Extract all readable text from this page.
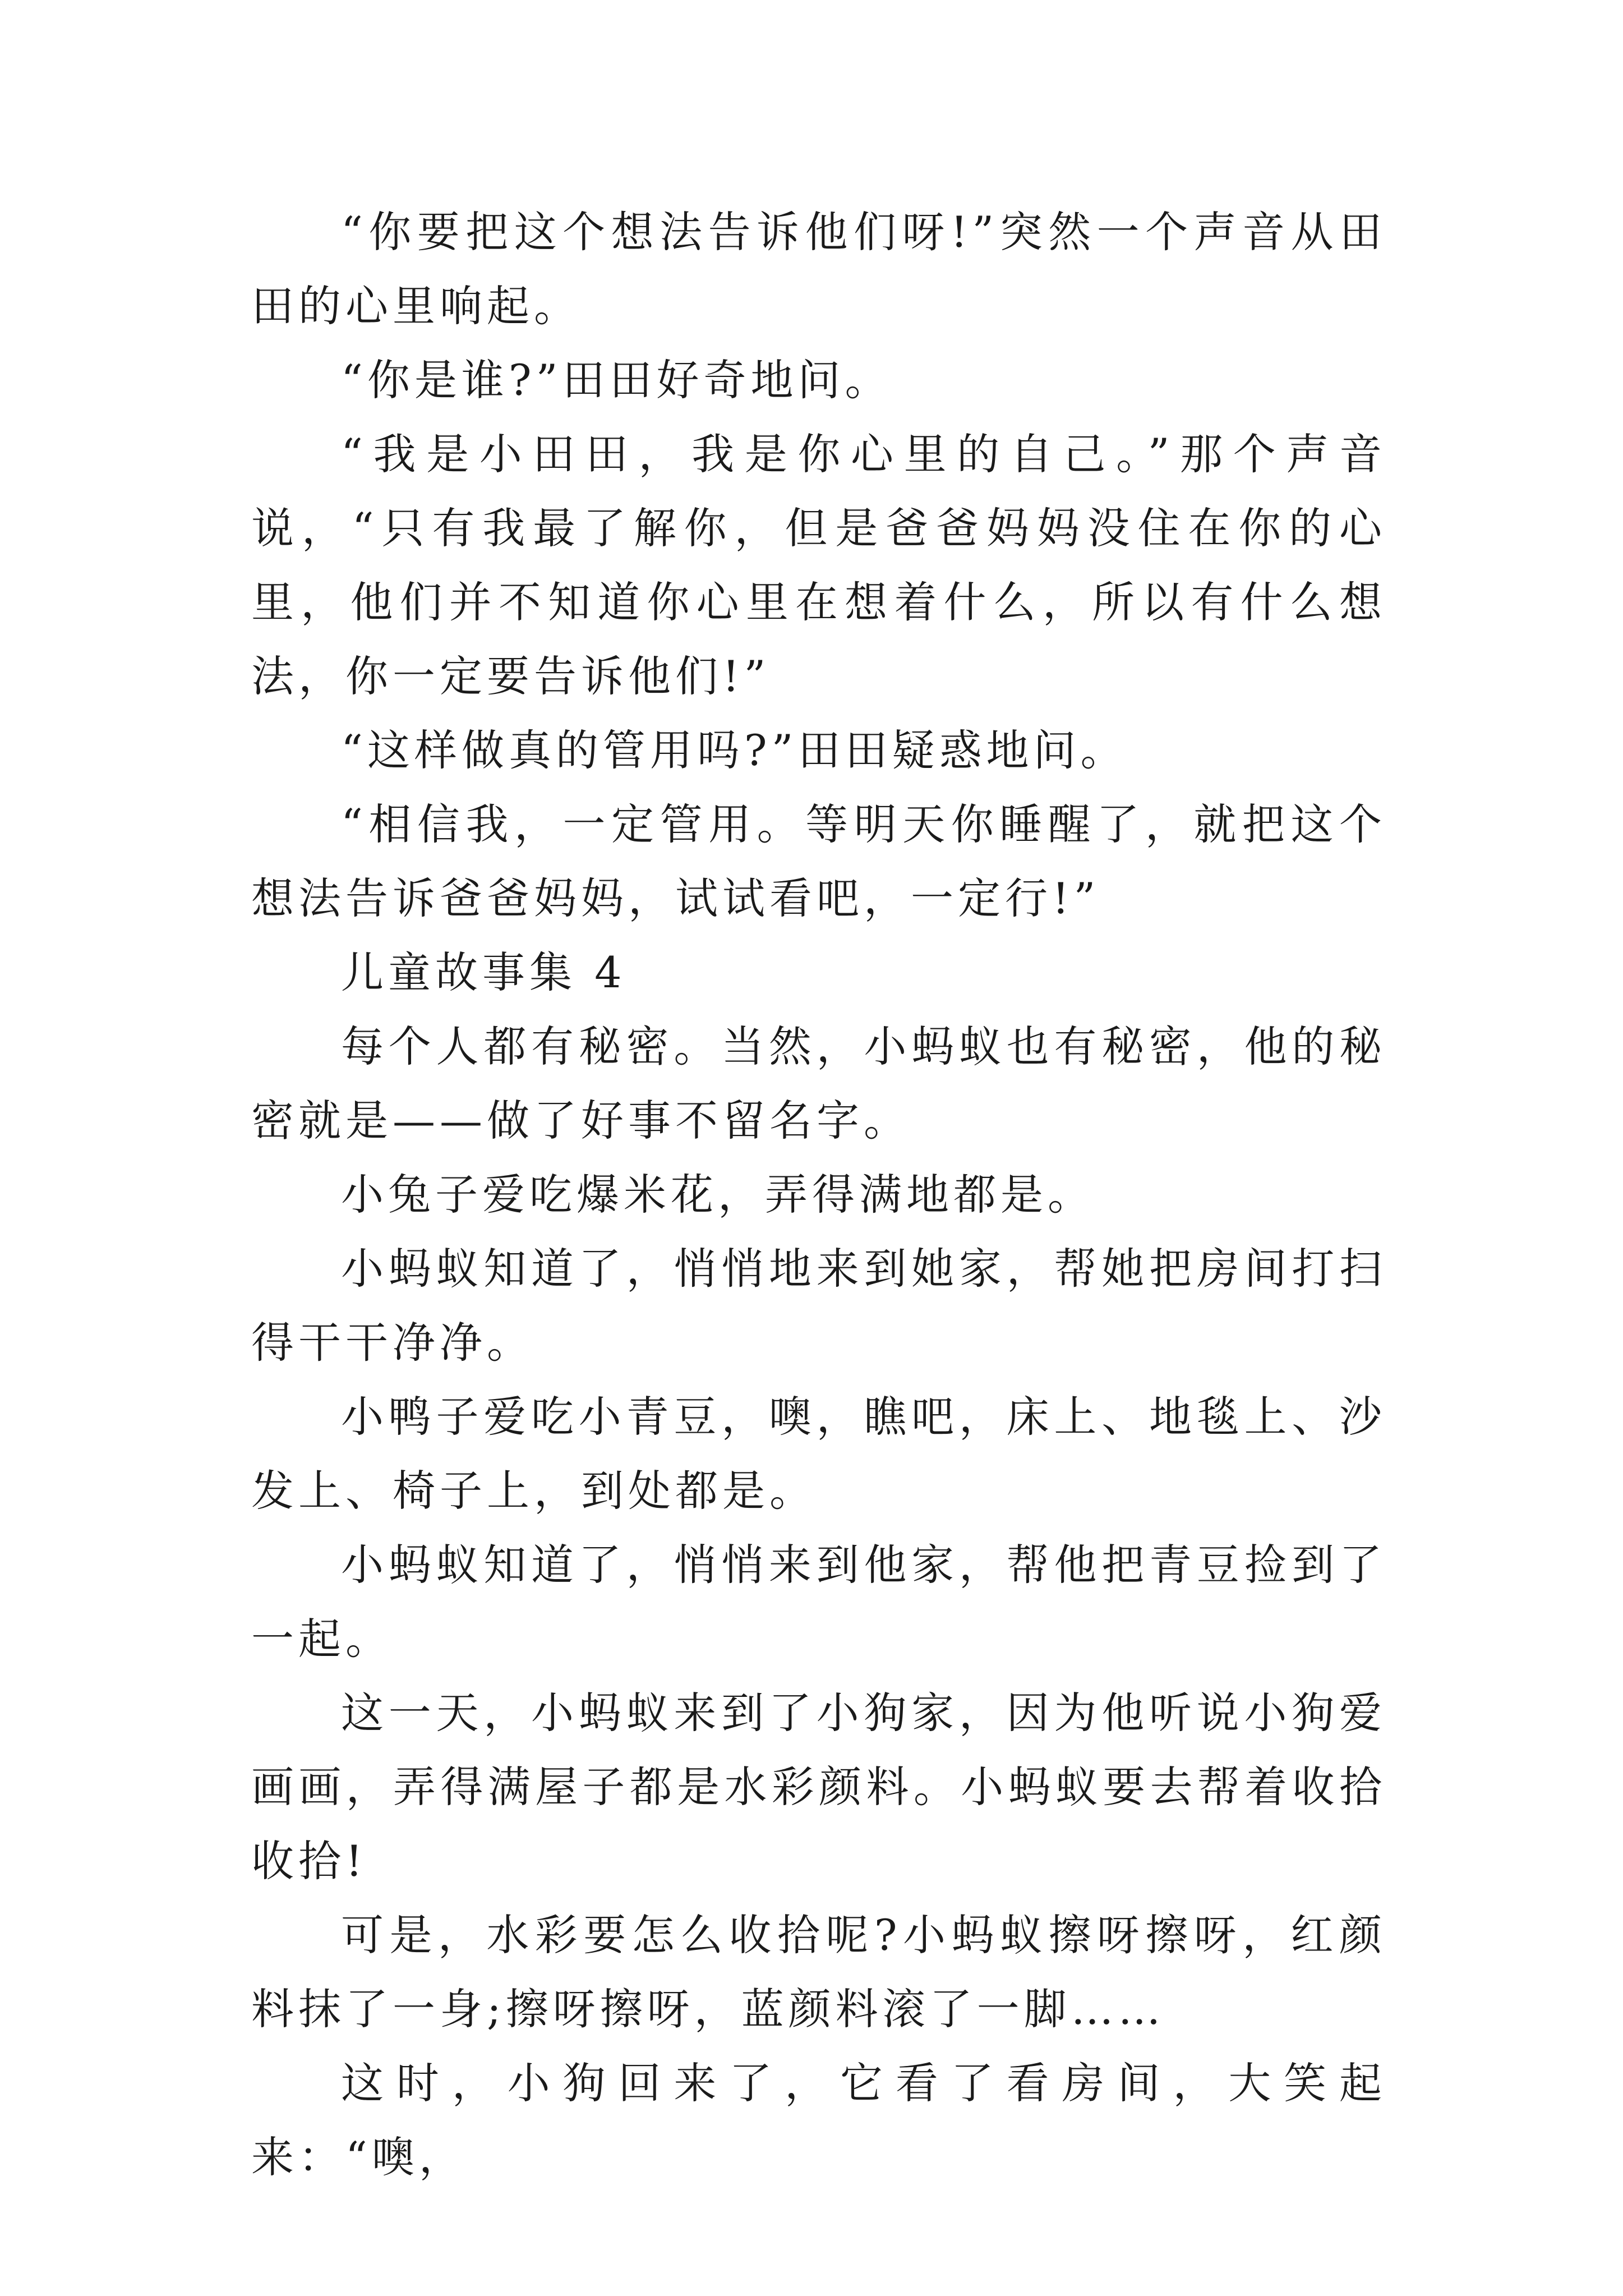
“你要把这个想法告诉他们呀!”突然一个声音从田田的心里响起。

“你是谁?”田田好奇地问。

“我是小田田，我是你心里的自己。”那个声音说，“只有我最了解你，但是爸爸妈妈没住在你的心里，他们并不知道你心里在想着什么，所以有什么想法，你一定要告诉他们!”

“这样做真的管用吗?”田田疑惑地问。

“相信我，一定管用。等明天你睡醒了，就把这个想法告诉爸爸妈妈，试试看吧，一定行!”

儿童故事集 4

每个人都有秘密。当然，小蚂蚁也有秘密，他的秘密就是——做了好事不留名字。

小兔子爱吃爆米花，弄得满地都是。

小蚂蚁知道了，悄悄地来到她家，帮她把房间打扫得干干净净。

小鸭子爱吃小青豆，噢，瞧吧，床上、地毯上、沙发上、椅子上，到处都是。

小蚂蚁知道了，悄悄来到他家，帮他把青豆捡到了一起。

这一天，小蚂蚁来到了小狗家，因为他听说小狗爱画画，弄得满屋子都是水彩颜料。小蚂蚁要去帮着收拾收拾!

可是，水彩要怎么收拾呢?小蚂蚁擦呀擦呀，红颜料抹了一身;擦呀擦呀，蓝颜料滚了一脚……

这时，小狗回来了，它看了看房间，大笑起来：“噢，
